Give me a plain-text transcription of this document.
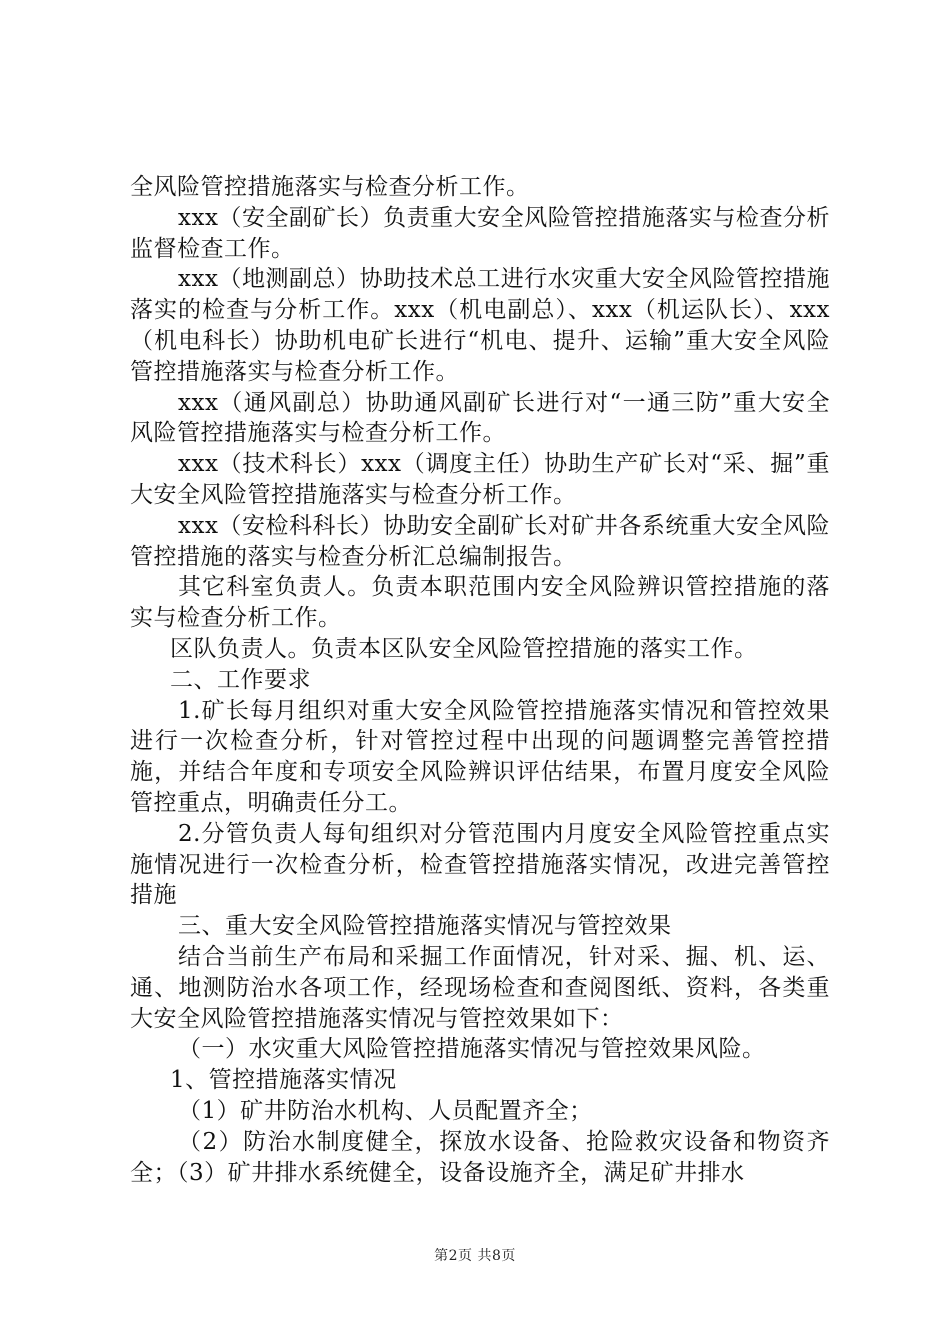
全风险管控措施落实与检查分析工作。

xxx（安全副矿长）负责重大安全风险管控措施落实与检查分析监督检查工作。

xxx（地测副总）协助技术总工进行水灾重大安全风险管控措施落实的检查与分析工作。xxx（机电副总）、xxx（机运队长）、xxx（机电科长）协助机电矿长进行“机电、提升、运输”重大安全风险管控措施落实与检查分析工作。

xxx（通风副总）协助通风副矿长进行对“一通三防”重大安全风险管控措施落实与检查分析工作。

xxx（技术科长）xxx（调度主任）协助生产矿长对“采、掘”重大安全风险管控措施落实与检查分析工作。

xxx（安检科科长）协助安全副矿长对矿井各系统重大安全风险管控措施的落实与检查分析汇总编制报告。

其它科室负责人。负责本职范围内安全风险辨识管控措施的落实与检查分析工作。

区队负责人。负责本区队安全风险管控措施的落实工作。

二、工作要求

1.矿长每月组织对重大安全风险管控措施落实情况和管控效果进行一次检查分析，针对管控过程中出现的问题调整完善管控措施，并结合年度和专项安全风险辨识评估结果，布置月度安全风险管控重点，明确责任分工。

2.分管负责人每旬组织对分管范围内月度安全风险管控重点实施情况进行一次检查分析，检查管控措施落实情况，改进完善管控措施

三、重大安全风险管控措施落实情况与管控效果

结合当前生产布局和采掘工作面情况，针对采、掘、机、运、通、地测防治水各项工作，经现场检查和查阅图纸、资料，各类重大安全风险管控措施落实情况与管控效果如下：

（一）水灾重大风险管控措施落实情况与管控效果风险。

1、管控措施落实情况

（1）矿井防治水机构、人员配置齐全；

（2）防治水制度健全，探放水设备、抢险救灾设备和物资齐全；（3）矿井排水系统健全，设备设施齐全，满足矿井排水

第2页 共8页
